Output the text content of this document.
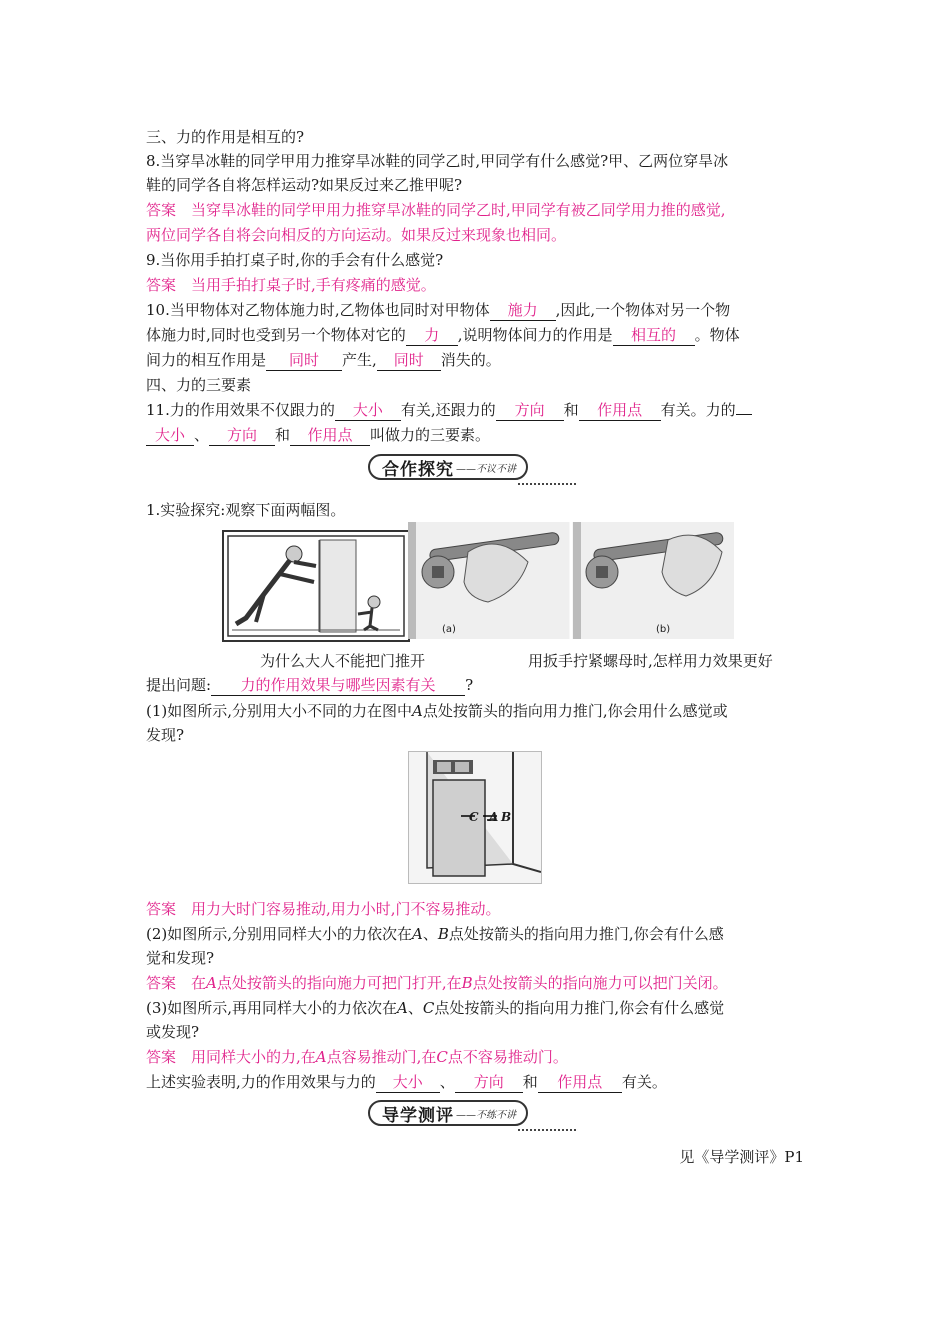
三、力的作用是相互的?
8.当穿旱冰鞋的同学甲用力推穿旱冰鞋的同学乙时,甲同学有什么感觉?甲、乙两位穿旱冰
鞋的同学各自将怎样运动?如果反过来乙推甲呢?
答案　当穿旱冰鞋的同学甲用力推穿旱冰鞋的同学乙时,甲同学有被乙同学用力推的感觉,
两位同学各自将会向相反的方向运动。如果反过来现象也相同。
9.当你用手拍打桌子时,你的手会有什么感觉?
答案　当用手拍打桌子时,手有疼痛的感觉。
10.当甲物体对乙物体施力时,乙物体也同时对甲物体 施力 ,因此,一个物体对另一个物
体施力时,同时也受到另一个物体对它的 力 ,说明物体间力的作用是 相互的 。物体
间力的相互作用是 同时 产生, 同时 消失的。
四、力的三要素
11.力的作用效果不仅跟力的 大小 有关,还跟力的 方向 和 作用点 有关。力的
大小 、 方向 和 作用点 叫做力的三要素。
合作探究 ——不议不讲
1.实验探究:观察下面两幅图。
(a)	(b)
为什么大人不能把门推开	用扳手拧紧螺母时,怎样用力效果更好
提出问题: 力的作用效果与哪些因素有关 ?
(1)如图所示,分别用大小不同的力在图中A点处按箭头的指向用力推门,你会用什么感觉或
发现?
C A B
答案　用力大时门容易推动,用力小时,门不容易推动。
(2)如图所示,分别用同样大小的力依次在A、B点处按箭头的指向用力推门,你会有什么感
觉和发现?
答案　在A点处按箭头的指向施力可把门打开,在B点处按箭头的指向施力可以把门关闭。
(3)如图所示,再用同样大小的力依次在A、C点处按箭头的指向用力推门,你会有什么感觉
或发现?
答案　用同样大小的力,在A点容易推动门,在C点不容易推动门。
上述实验表明,力的作用效果与力的 大小 、 方向 和 作用点 有关。
导学测评 ——不练不讲
见《导学测评》P1
